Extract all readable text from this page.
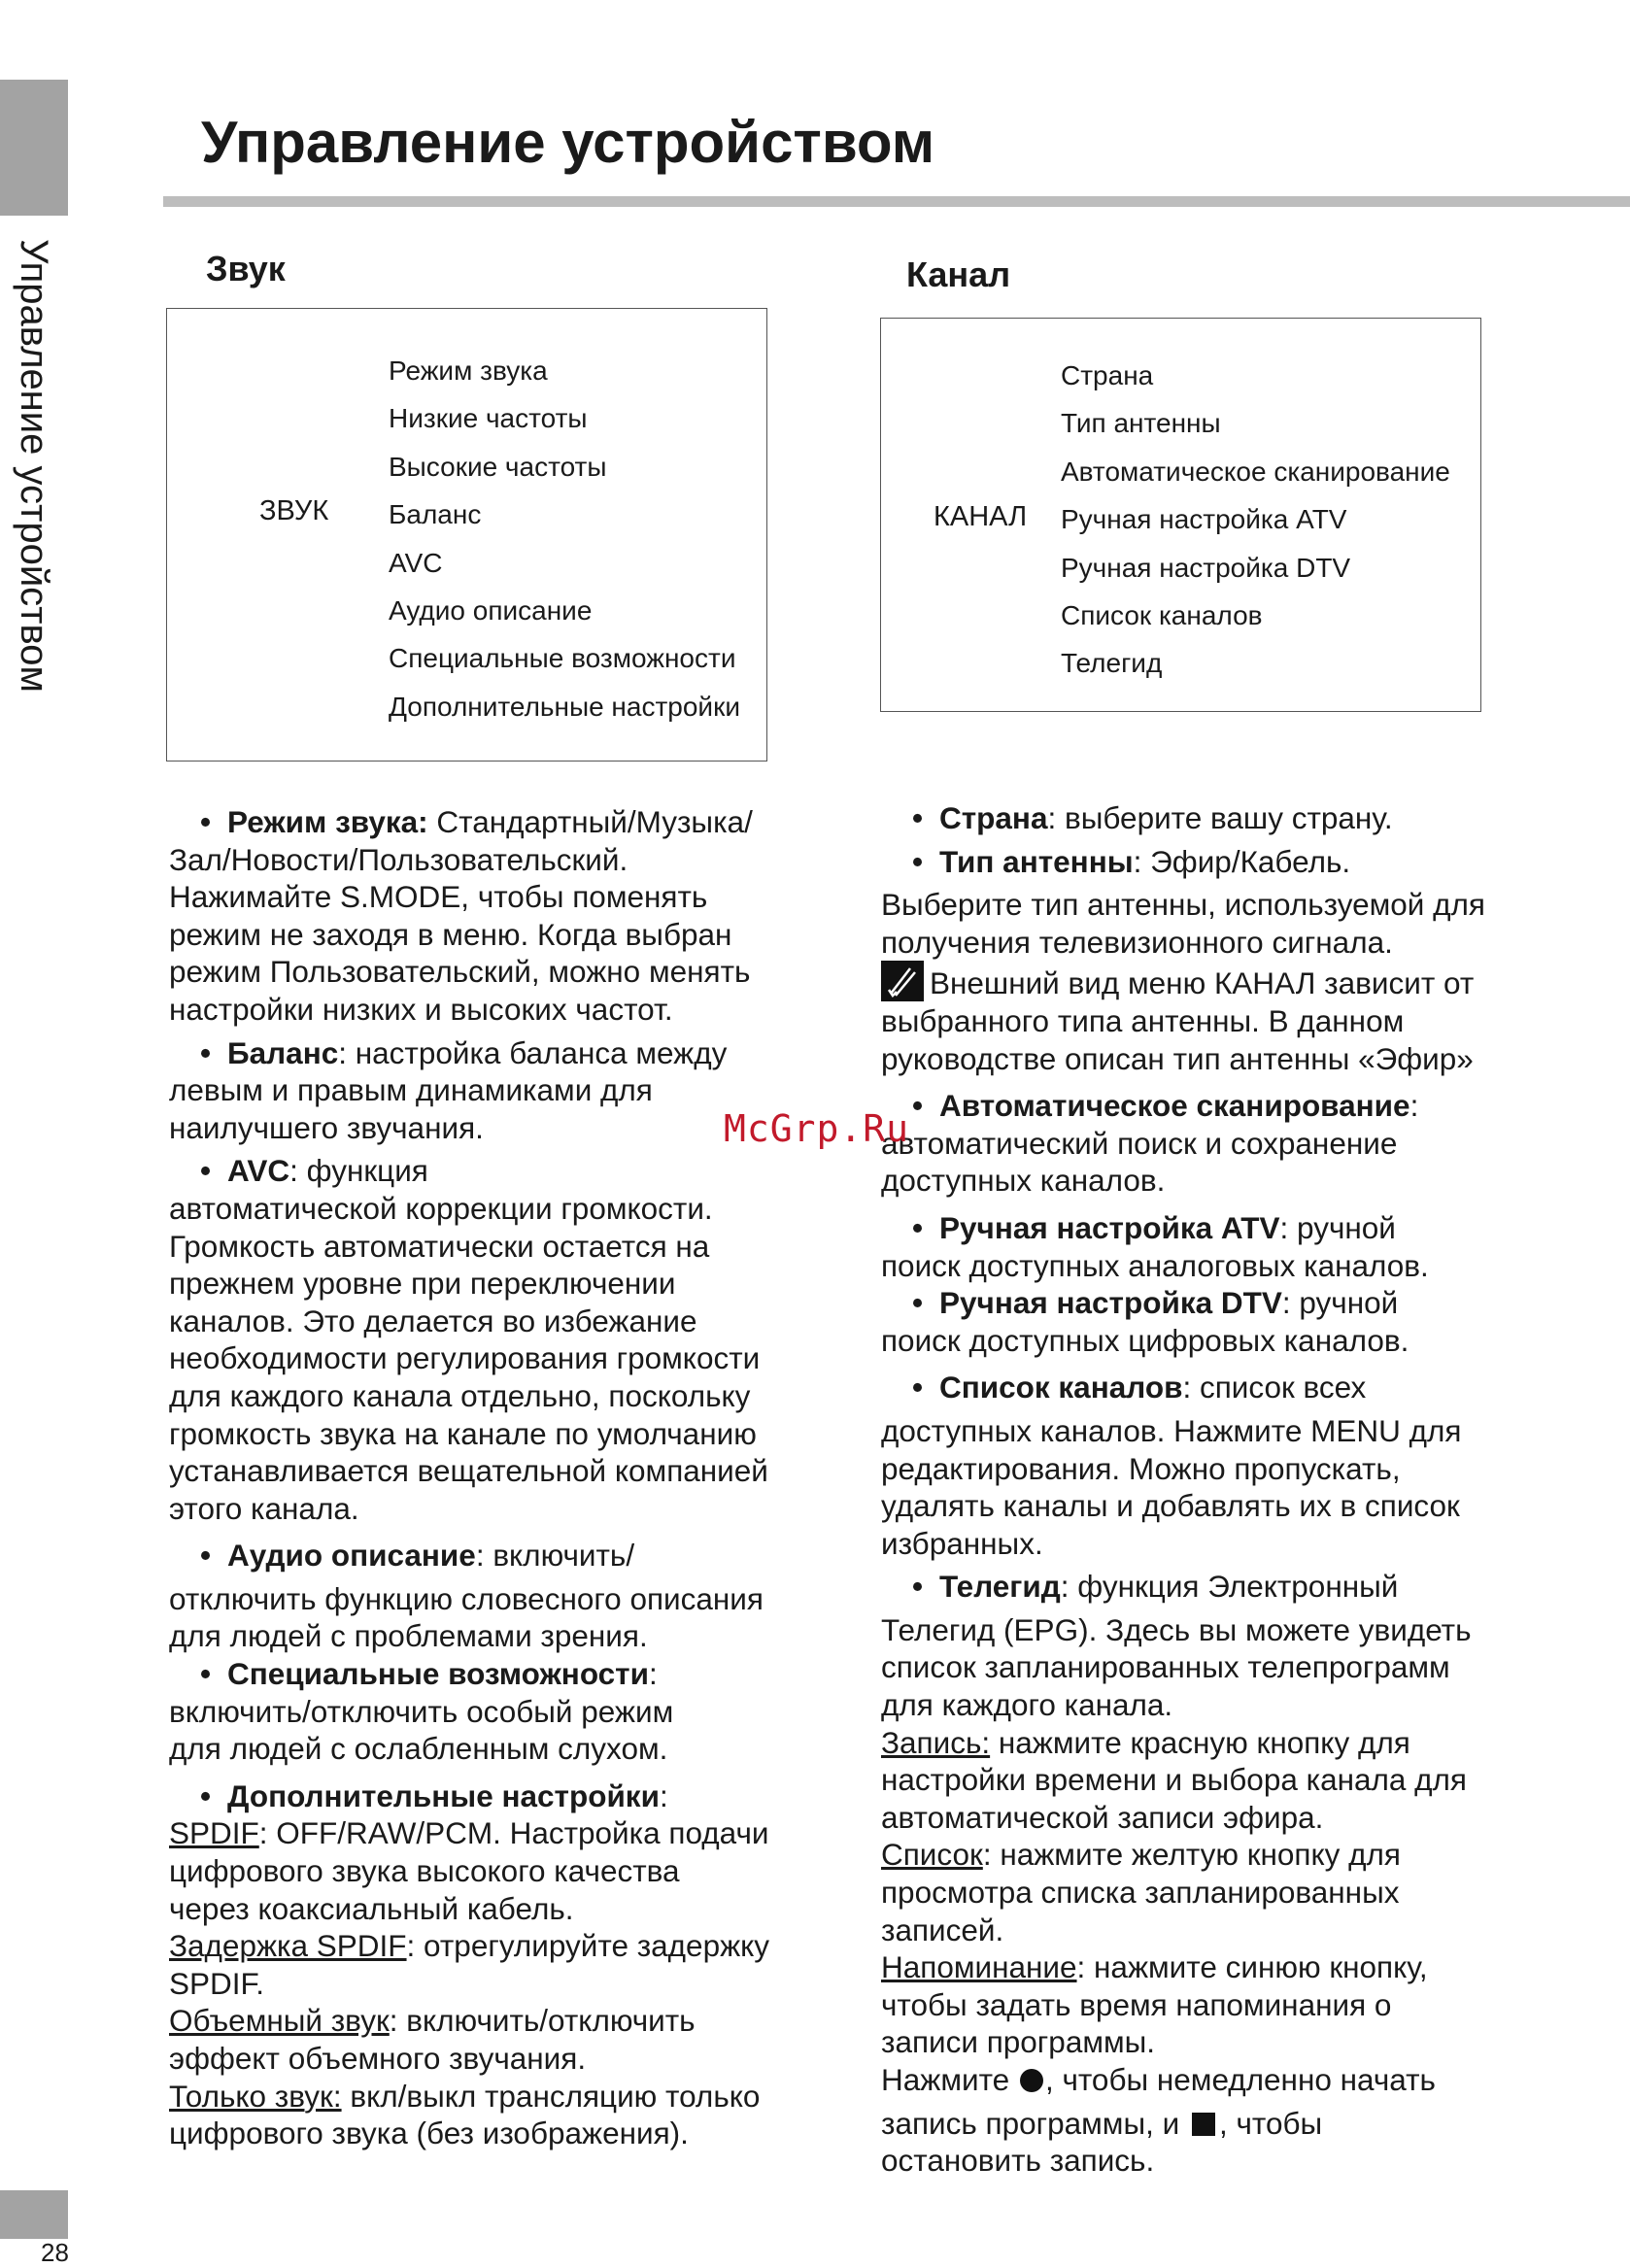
Управление устройством
Управление устройством
Звук
ЗВУК
Режим звука
Низкие частоты
Высокие частоты
Баланс
AVC
Аудио описание
Специальные возможности
Дополнительные настройки
Канал
КАНАЛ
Страна
Тип антенны
Автоматическое сканирование
Ручная настройка ATV
Ручная настройка DTV
Список каналов
Телегид

• Режим звука: Стандартный/Музыка/

Зал/Новости/Пользовательский.

Нажимайте S.MODE, чтобы поменять

режим не заходя в меню. Когда выбран

режим Пользовательский, можно менять

настройки низких и высоких частот.

• Баланс: настройка баланса между

левым и правым динамиками для

наилучшего звучания.

• AVC: функция

автоматической коррекции громкости.

Громкость автоматически остается на

прежнем уровне при переключении

каналов. Это делается во избежание

необходимости регулирования громкости

для каждого канала отдельно, поскольку

громкость звука на канале по умолчанию

устанавливается вещательной компанией

этого канала.

• Аудио описание: включить/

отключить функцию словесного описания

для людей с проблемами зрения.

• Специальные возможности:

включить/отключить особый режим

для людей с ослабленным слухом.

• Дополнительные настройки:

SPDIF: OFF/RAW/PCM. Настройка подачи

цифрового звука высокого качества

через коаксиальный кабель.

Задержка SPDIF: отрегулируйте задержку

SPDIF.

Объемный звук: включить/отключить

эффект объемного звучания.

Только звук: вкл/выкл трансляцию только

цифрового звука (без изображения).

• Страна: выберите вашу страну.

• Тип антенны: Эфир/Кабель.

Выберите тип антенны, используемой для

получения телевизионного сигнала.

Внешний вид меню КАНАЛ зависит от

выбранного типа антенны. В данном

руководстве описан тип антенны «Эфир»

• Автоматическое сканирование:

автоматический поиск и сохранение

доступных каналов.

• Ручная настройка ATV: ручной

поиск доступных аналоговых каналов.

• Ручная настройка DTV: ручной

поиск доступных цифровых каналов.

• Список каналов: список всех

доступных каналов. Нажмите MENU для

редактирования. Можно пропускать,

удалять каналы и добавлять их в список

избранных.

• Телегид: функция Электронный

Телегид (EPG). Здесь вы можете увидеть

список запланированных телепрограмм

для каждого канала.

Запись: нажмите красную кнопку для

настройки времени и выбора канала для

автоматической записи эфира.

Список: нажмите желтую кнопку для

просмотра списка запланированных

записей.

Напоминание: нажмите синюю кнопку,

чтобы задать время напоминания о

записи программы.

Нажмите , чтобы немедленно начать

запись программы, и , чтобы

остановить запись.

McGrp.Ru
28
